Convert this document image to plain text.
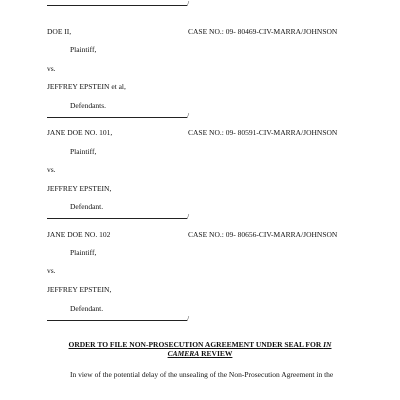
/
DOE II,	CASE NO.: 09- 80469-CIV-MARRA/JOHNSON
Plaintiff,
vs.
JEFFREY EPSTEIN et al,
Defendants.
/
JANE DOE NO. 101,	CASE NO.: 09- 80591-CIV-MARRA/JOHNSON
Plaintiff,
vs.
JEFFREY EPSTEIN,
Defendant.
/
JANE DOE NO. 102	CASE NO.: 09- 80656-CIV-MARRA/JOHNSON
Plaintiff,
vs.
JEFFREY EPSTEIN,
Defendant.
/
ORDER TO FILE NON-PROSECUTION AGREEMENT UNDER SEAL FOR IN
CAMERA REVIEW
In view of the potential delay of the unsealing of the Non-Prosecution Agreement in the
